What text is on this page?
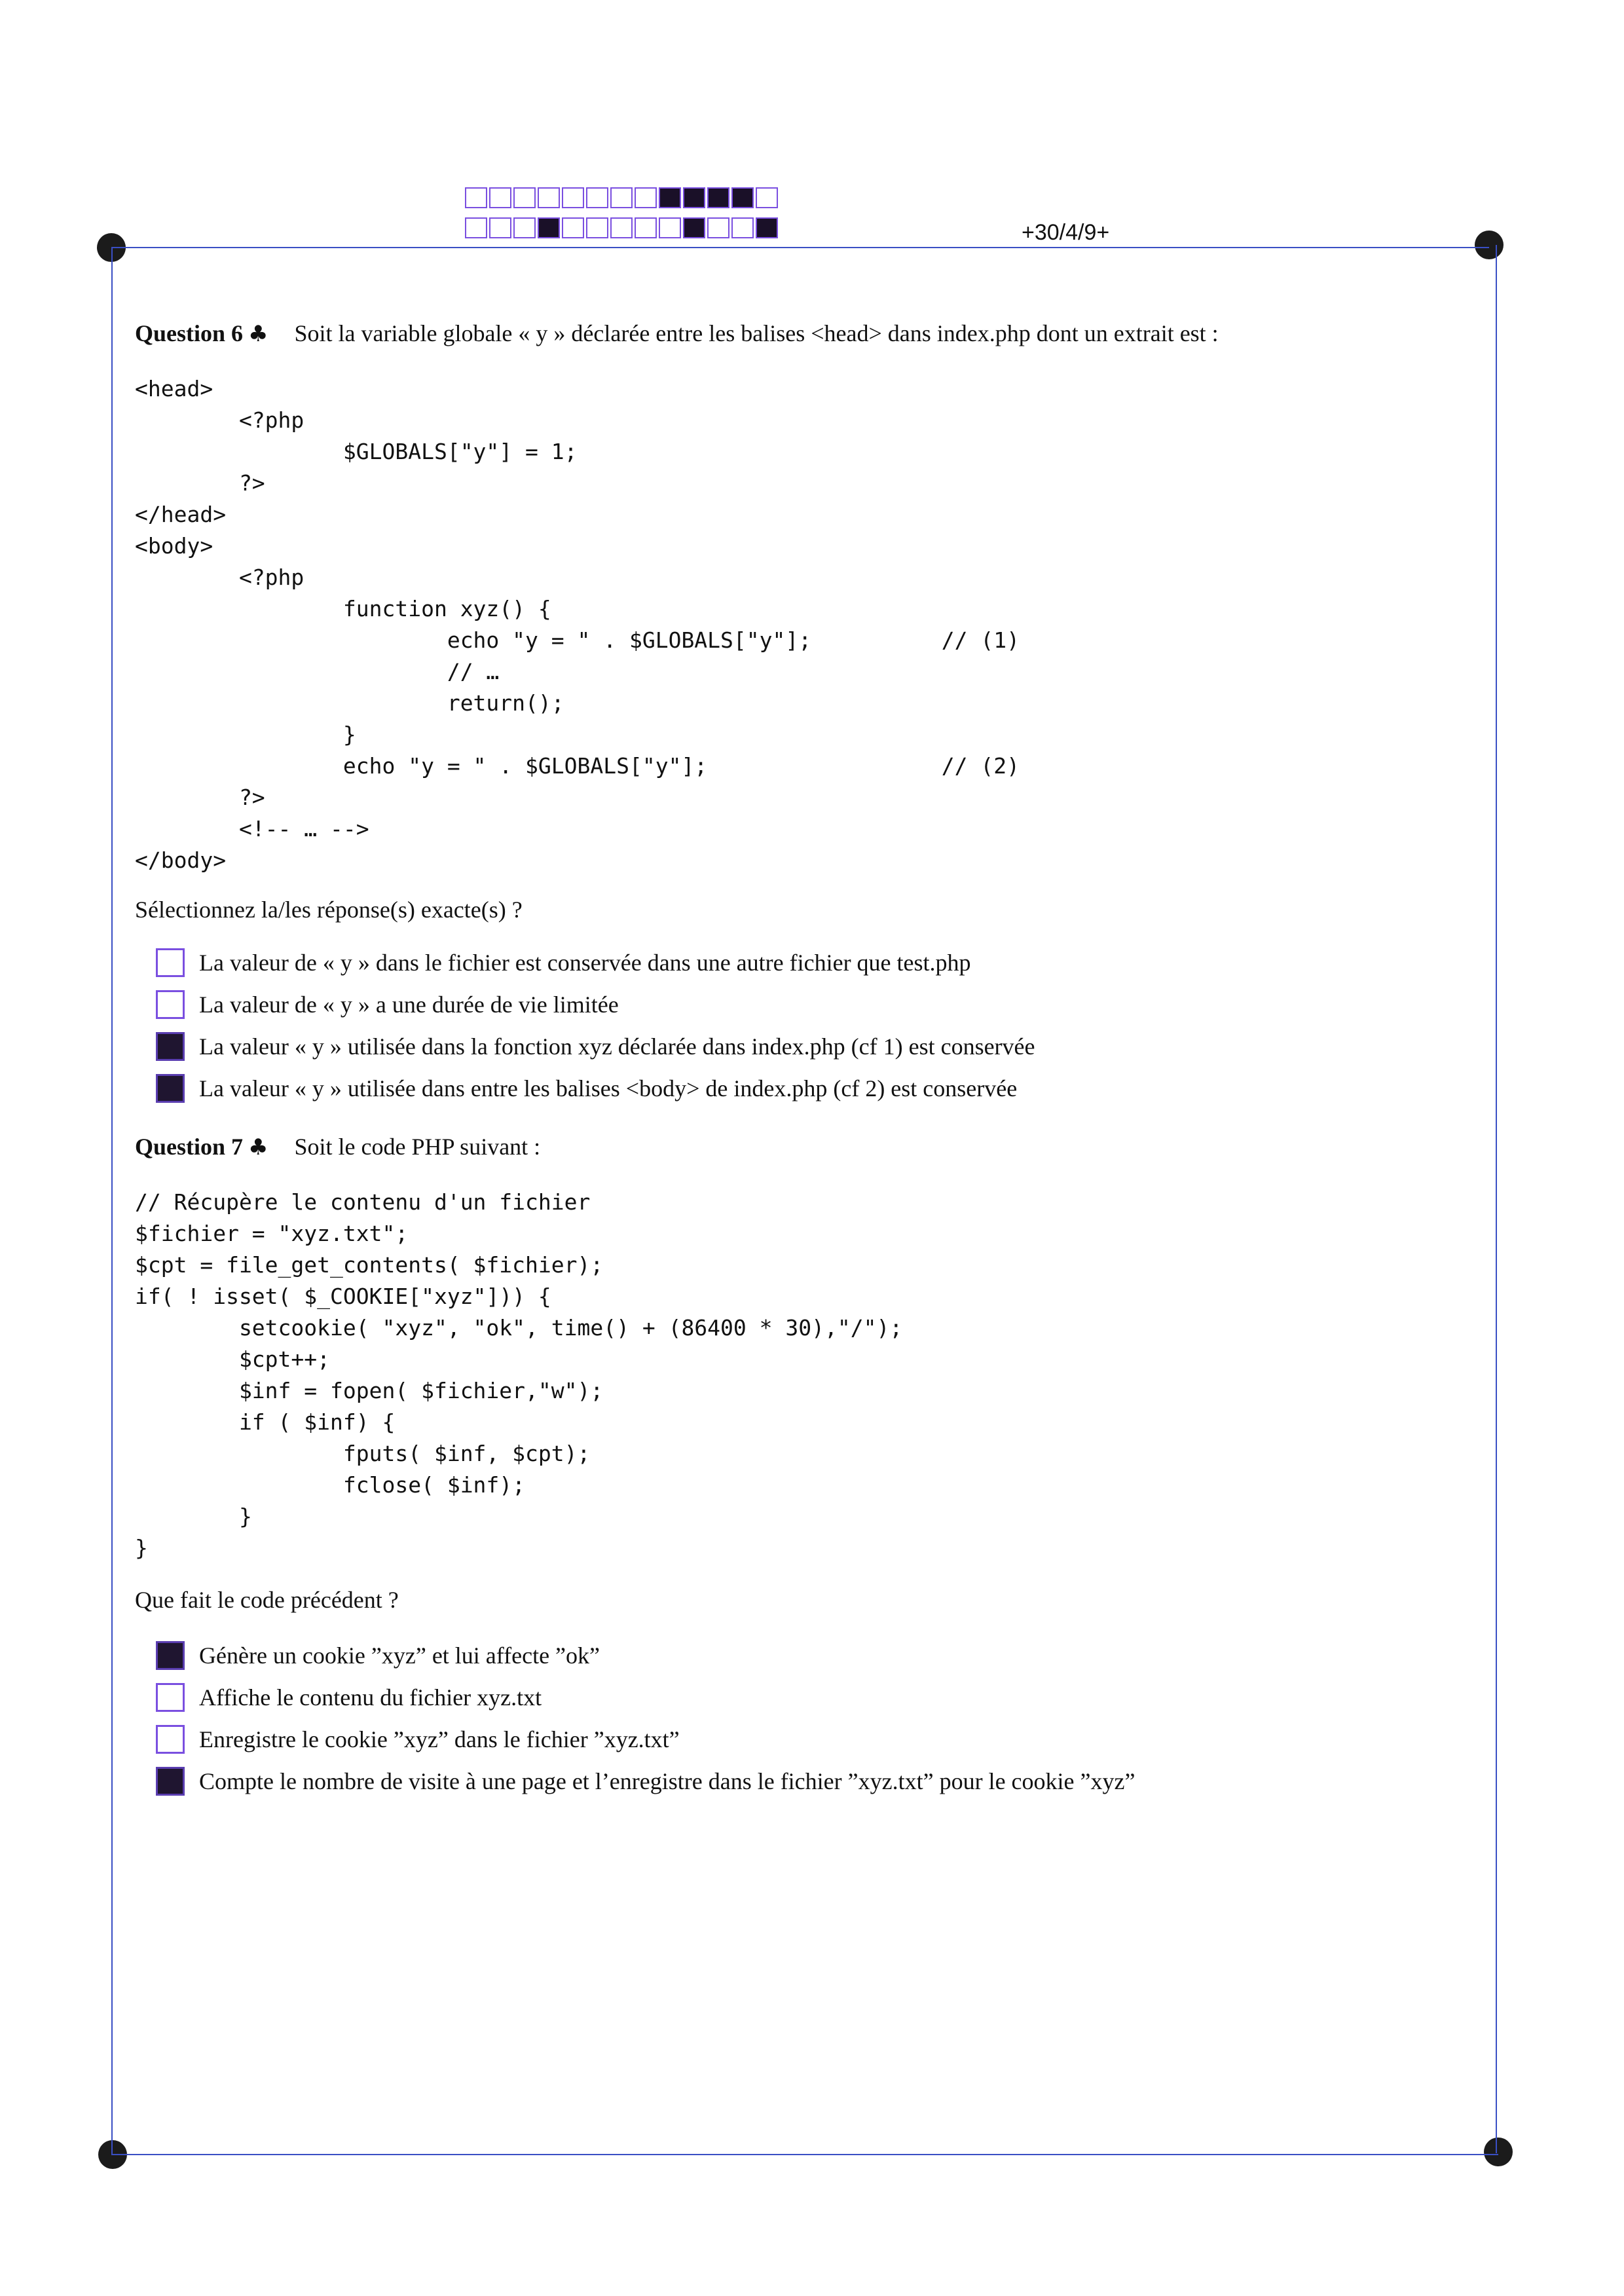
+30/4/9+
Question 6 ♣ Soit la variable globale « y » déclarée entre les balises <head> dans index.php dont un extrait est :
<head>
<?php
$GLOBALS["y"] = 1;
?>
</head>
<body>
<?php
function xyz() {
echo "y = " . $GLOBALS["y"];          // (1)
// …
return();
}
echo "y = " . $GLOBALS["y"];                  // (2)
?>
<!-- … -->
</body>
Sélectionnez la/les réponse(s) exacte(s) ?
La valeur de « y » dans le fichier est conservée dans une autre fichier que test.php
La valeur de « y » a une durée de vie limitée
La valeur « y » utilisée dans la fonction xyz déclarée dans index.php (cf 1) est conservée
La valeur « y » utilisée dans entre les balises <body> de index.php (cf 2) est conservée
Question 7 ♣ Soit le code PHP suivant :
// Récupère le contenu d'un fichier
$fichier = "xyz.txt";
$cpt = file_get_contents( $fichier);
if( ! isset( $_COOKIE["xyz"])) {
setcookie( "xyz", "ok", time() + (86400 * 30),"/");
$cpt++;
$inf = fopen( $fichier,"w");
if ( $inf) {
fputs( $inf, $cpt);
fclose( $inf);
}
}
Que fait le code précédent ?
Génère un cookie ”xyz” et lui affecte ”ok”
Affiche le contenu du fichier xyz.txt
Enregistre le cookie ”xyz” dans le fichier ”xyz.txt”
Compte le nombre de visite à une page et l’enregistre dans le fichier ”xyz.txt” pour le cookie ”xyz”
